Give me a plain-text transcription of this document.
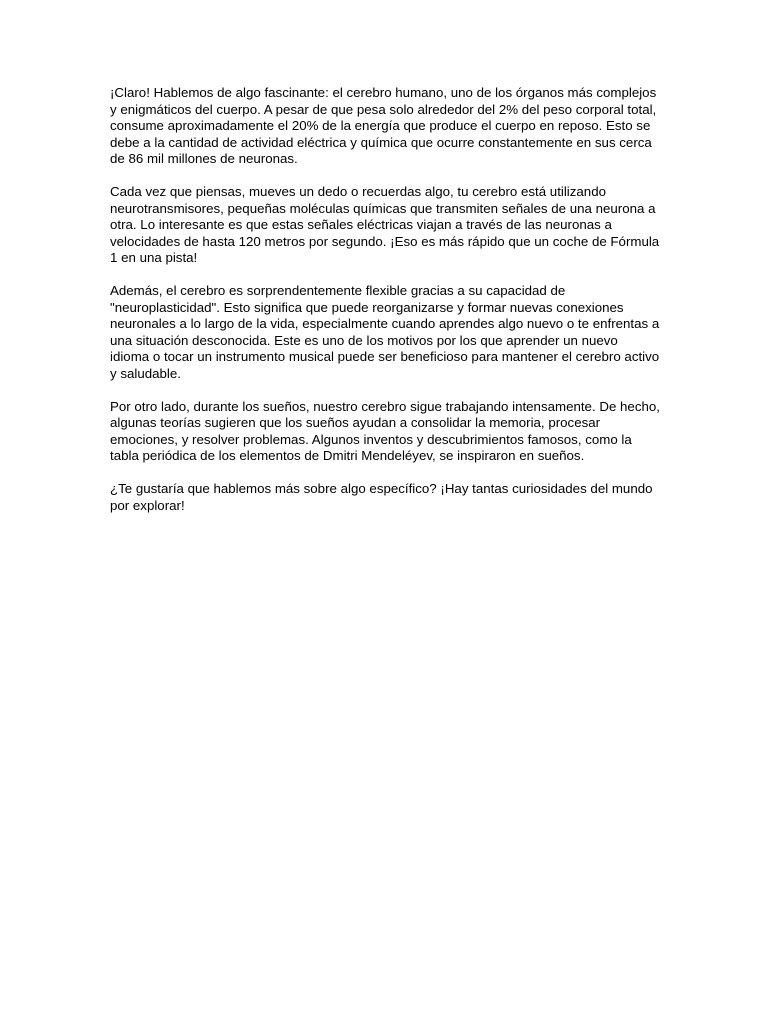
¡Claro! Hablemos de algo fascinante: el cerebro humano, uno de los órganos más complejos y enigmáticos del cuerpo. A pesar de que pesa solo alrededor del 2% del peso corporal total, consume aproximadamente el 20% de la energía que produce el cuerpo en reposo. Esto se debe a la cantidad de actividad eléctrica y química que ocurre constantemente en sus cerca de 86 mil millones de neuronas.

Cada vez que piensas, mueves un dedo o recuerdas algo, tu cerebro está utilizando neurotransmisores, pequeñas moléculas químicas que transmiten señales de una neurona a otra. Lo interesante es que estas señales eléctricas viajan a través de las neuronas a velocidades de hasta 120 metros por segundo. ¡Eso es más rápido que un coche de Fórmula 1 en una pista!

Además, el cerebro es sorprendentemente flexible gracias a su capacidad de "neuroplasticidad". Esto significa que puede reorganizarse y formar nuevas conexiones neuronales a lo largo de la vida, especialmente cuando aprendes algo nuevo o te enfrentas a una situación desconocida. Este es uno de los motivos por los que aprender un nuevo idioma o tocar un instrumento musical puede ser beneficioso para mantener el cerebro activo y saludable.

Por otro lado, durante los sueños, nuestro cerebro sigue trabajando intensamente. De hecho, algunas teorías sugieren que los sueños ayudan a consolidar la memoria, procesar emociones, y resolver problemas. Algunos inventos y descubrimientos famosos, como la tabla periódica de los elementos de Dmitri Mendeléyev, se inspiraron en sueños.

¿Te gustaría que hablemos más sobre algo específico? ¡Hay tantas curiosidades del mundo por explorar!
